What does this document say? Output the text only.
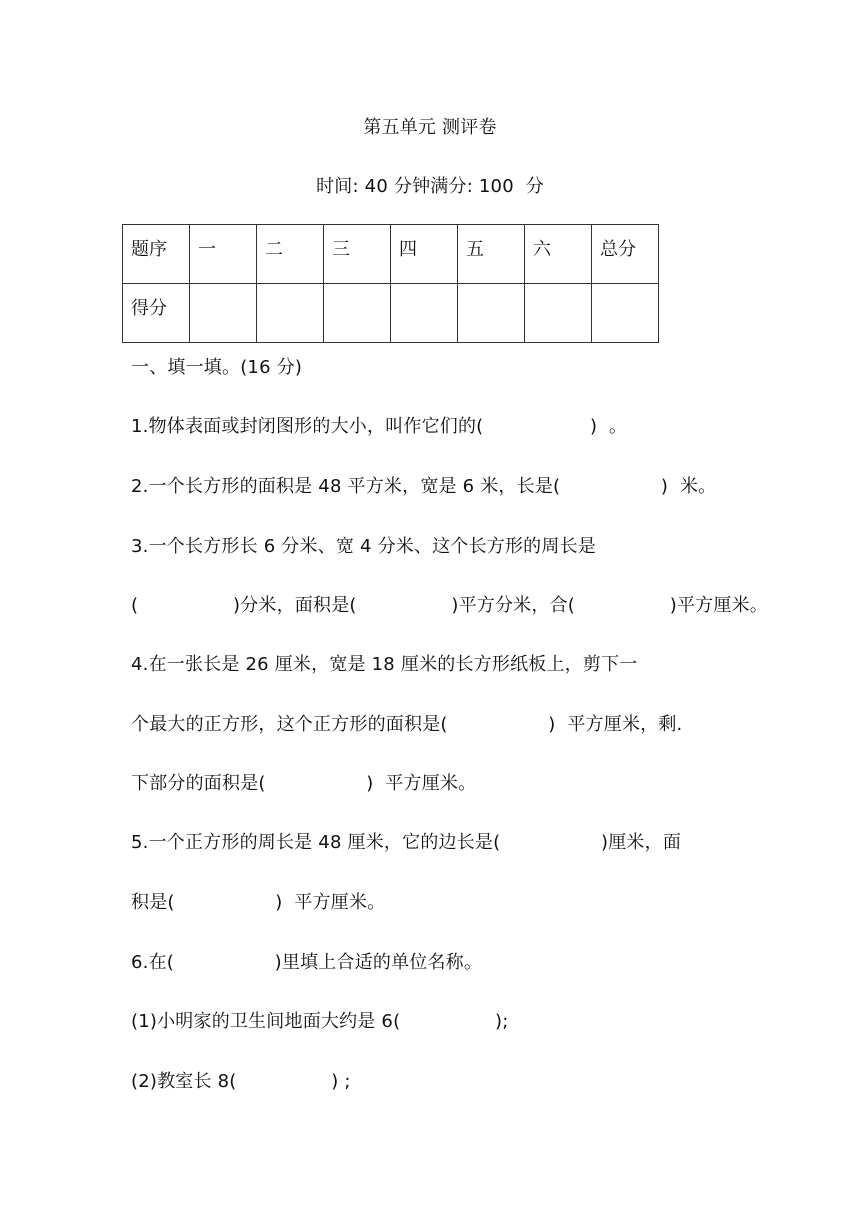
第五单元 测评卷
时间: 40 分钟满分: 100  分
题序	一	二	三	四	五	六	总分
得分							
一、填一填。(16 分)
1.物体表面或封闭图形的大小，叫作它们的(                  )  。
2.一个长方形的面积是 48 平方米，宽是 6 米，长是(                 )  米。
3.一个长方形长 6 分米、宽 4 分米、这个长方形的周长是
(                )分米，面积是(                )平方分米，合(                )平方厘米。
4.在一张长是 26 厘米，宽是 18 厘米的长方形纸板上，剪下一
个最大的正方形，这个正方形的面积是(                 )  平方厘米，剩.
下部分的面积是(                 )  平方厘米。
5.一个正方形的周长是 48 厘米，它的边长是(                 )厘米，面
积是(                 )  平方厘米。
6.在(                 )里填上合适的单位名称。
(1)小明家的卫生间地面大约是 6(                );
(2)教室长 8(                ) ;
